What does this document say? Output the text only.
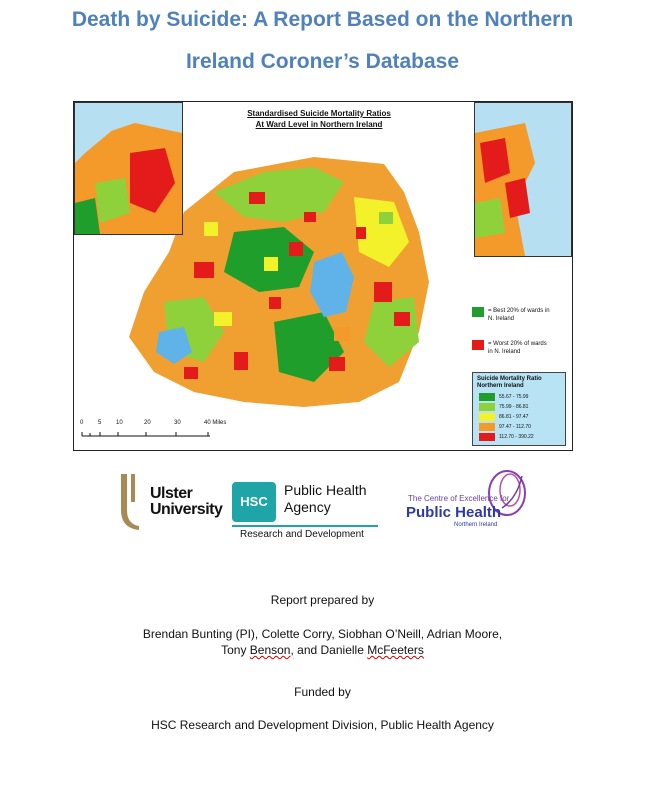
Death by Suicide: A Report Based on the Northern
Ireland Coroner’s Database
Standardised Suicide Mortality Ratios
At Ward Level in Northern Ireland
= Best 20% of wards in
N. Ireland
= Worst 20% of wards
in N. Ireland
Suicide Mortality Ratio
Northern Ireland
55.67 - 75.99
75.99 - 86.81
86.81 - 97.47
97.47 - 112.70
112.70 - 390.22
0 5 10	20	30	40 Miles
Ulster
University	HSC
Public Health
Agency
Research and Development
The Centre of Excellence for
Public Health
Northern Ireland
Report prepared by
Brendan Bunting (PI), Colette Corry, Siobhan O’Neill, Adrian Moore,
Tony Benson, and Danielle McFeeters
Funded by
HSC Research and Development Division, Public Health Agency
